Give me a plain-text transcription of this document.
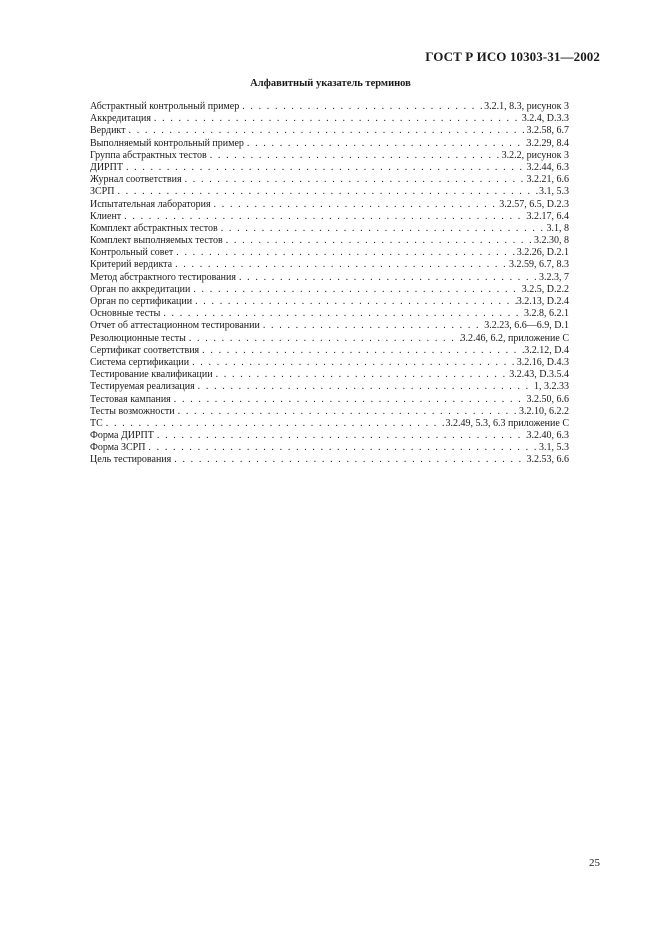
ГОСТ Р ИСО 10303-31—2002
Алфавитный указатель терминов
Абстрактный контрольный пример . . .	3.2.1, 8.3, рисунок 3
Аккредитация . . .	3.2.4, D.3.3
Вердикт . . .	3.2.58, 6.7
Выполняемый контрольный пример . . .	3.2.29, 8.4
Группа абстрактных тестов . . .	3.2.2, рисунок 3
ДИРПТ . . .	3.2.44, 6.3
Журнал соответствия . . .	3.2.21, 6.6
ЗСРП . . .	3.1, 5.3
Испытательная лаборатория . . .	3.2.57, 6.5, D.2.3
Клиент . . .	3.2.17, 6.4
Комплект абстрактных тестов . . .	3.1, 8
Комплект выполняемых тестов . . .	3.2.30, 8
Контрольный совет . . .	3.2.26, D.2.1
Критерий вердикта . . .	3.2.59, 6.7, 8.3
Метод абстрактного тестирования . . .	3.2.3, 7
Орган по аккредитации . . .	3.2.5, D.2.2
Орган по сертификации . . .	3.2.13, D.2.4
Основные тесты . . .	3.2.8, 6.2.1
Отчет об аттестационном тестировании . . .	3.2.23, 6.6—6.9, D.1
Резолюционные тесты . . .	3.2.46, 6.2, приложение С
Сертификат соответствия . . .	3.2.12, D.4
Система сертификации . . .	3.2.16, D.4.3
Тестирование квалификации . . .	3.2.43, D.3.5.4
Тестируемая реализация . . .	1, 3.2.33
Тестовая кампания . . .	3.2.50, 6.6
Тесты возможности . . .	3.2.10, 6.2.2
ТС . . .	3.2.49, 5.3, 6.3 приложение С
Форма ДИРПТ . . .	3.2.40, 6.3
Форма ЗСРП . . .	3.1, 5.3
Цель тестирования . . .	3.2.53, 6.6
25
